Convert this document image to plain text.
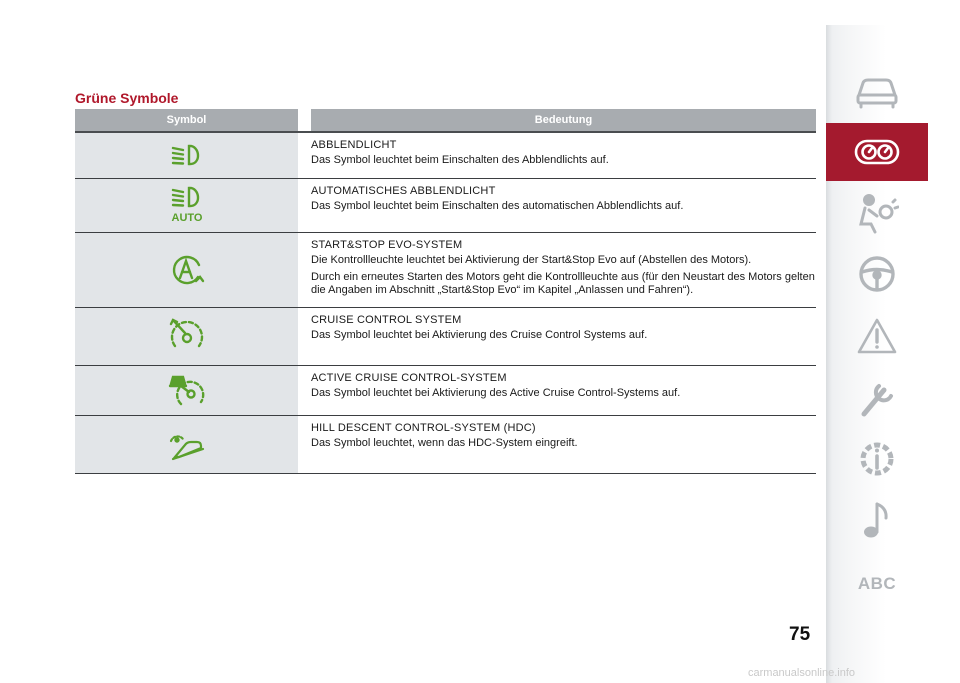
Grüne Symbole
Symbol		Bedeutung

ABBLENDLICHT

Das Symbol leuchtet beim Einschalten des Abblendlichts auf.

AUTO		AUTOMATISCHES ABBLENDLICHT

Das Symbol leuchtet beim Einschalten des automatischen Abblendlichts auf.

START&STOP EVO-SYSTEM

Die Kontrollleuchte leuchtet bei Aktivierung der Start&Stop Evo auf (Abstellen des Motors).

Durch ein erneutes Starten des Motors geht die Kontrollleuchte aus (für den Neustart des Motors gelten die Angaben im Abschnitt „Start&Stop Evo“ im Kapitel „Anlassen und Fahren“).

CRUISE CONTROL SYSTEM

Das Symbol leuchtet bei Aktivierung des Cruise Control Systems auf.

ACTIVE CRUISE CONTROL-SYSTEM

Das Symbol leuchtet bei Aktivierung des Active Cruise Control-Systems auf.

HILL DESCENT CONTROL-SYSTEM (HDC)

Das Symbol leuchtet, wenn das HDC-System eingreift.

ABC
75
carmanualsonline.info
